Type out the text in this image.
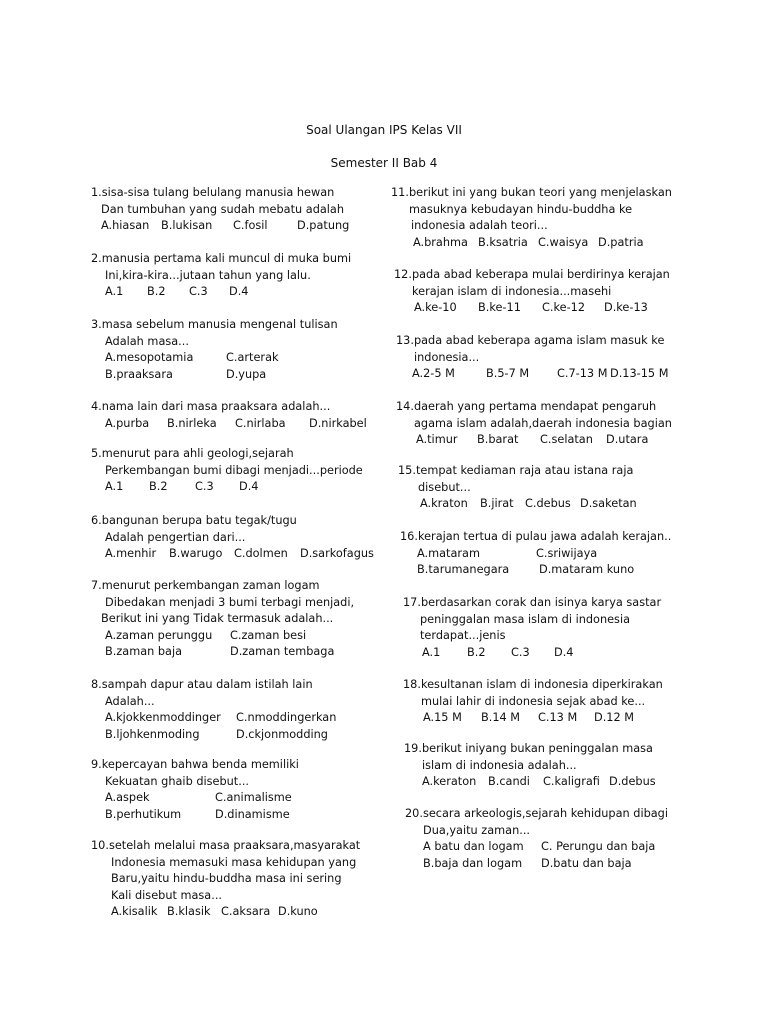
Soal Ulangan IPS Kelas VII
Semester II Bab 4
1.sisa-sisa tulang belulang manusia hewan
Dan tumbuhan yang sudah mebatu adalah
A.hiasan B.lukisan C.fosil	D.patung
2.manusia pertama kali muncul di muka bumi
Ini,kira-kira...jutaan tahun yang lalu.
A.1 B.2 C.3 D.4
3.masa sebelum manusia mengenal tulisan
Adalah masa...
A.mesopotamia	C.arterak
B.praaksara	D.yupa
4.nama lain dari masa praaksara adalah...
A.purba B.nirleka C.nirlaba D.nirkabel
5.menurut para ahli geologi,sejarah
Perkembangan bumi dibagi menjadi...periode
A.1 B.2 C.3 D.4
6.bangunan berupa batu tegak/tugu
Adalah pengertian dari...
A.menhir B.warugo C.dolmen D.sarkofagus
7.menurut perkembangan zaman logam
Dibedakan menjadi 3 bumi terbagi menjadi,
Berikut ini yang Tidak termasuk adalah...
A.zaman perunggu C.zaman besi
B.zaman baja	D.zaman tembaga
8.sampah dapur atau dalam istilah lain
Adalah...
A.kjokkenmoddinger C.nmoddingerkan
B.ljohkenmoding	D.ckjonmodding
9.kepercayan bahwa benda memiliki
Kekuatan ghaib disebut...
A.aspek	C.animalisme
B.perhutikum	D.dinamisme
10.setelah melalui masa praaksara,masyarakat
Indonesia memasuki masa kehidupan yang
Baru,yaitu hindu-buddha masa ini sering
Kali disebut masa...
A.kisalik B.klasik C.aksara D.kuno
11.berikut ini yang bukan teori yang menjelaskan
masuknya kebudayan hindu-buddha ke
indonesia adalah teori...
A.brahma B.ksatria C.waisya D.patria
12.pada abad keberapa mulai berdirinya kerajan
kerajan islam di indonesia...masehi
A.ke-10 B.ke-11 C.ke-12 D.ke-13
13.pada abad keberapa agama islam masuk ke
indonesia...
A.2-5 M	B.5-7 M C.7-13 M D.13-15 M
14.daerah yang pertama mendapat pengaruh
agama islam adalah,daerah indonesia bagian
A.timur B.barat C.selatan D.utara
15.tempat kediaman raja atau istana raja
disebut...
A.kraton B.jirat C.debus D.saketan
16.kerajan tertua di pulau jawa adalah kerajan..
A.mataram	C.sriwijaya
B.tarumanegara	D.mataram kuno
17.berdasarkan corak dan isinya karya sastar
peninggalan masa islam di indonesia
terdapat...jenis
A.1 B.2 C.3 D.4
18.kesultanan islam di indonesia diperkirakan
mulai lahir di indonesia sejak abad ke...
A.15 M B.14 M C.13 M D.12 M
19.berikut iniyang bukan peninggalan masa
islam di indonesia adalah...
A.keraton B.candi C.kaligrafi D.debus
20.secara arkeologis,sejarah kehidupan dibagi
Dua,yaitu zaman...
A batu dan logam C. Perungu dan baja
B.baja dan logam D.batu dan baja
